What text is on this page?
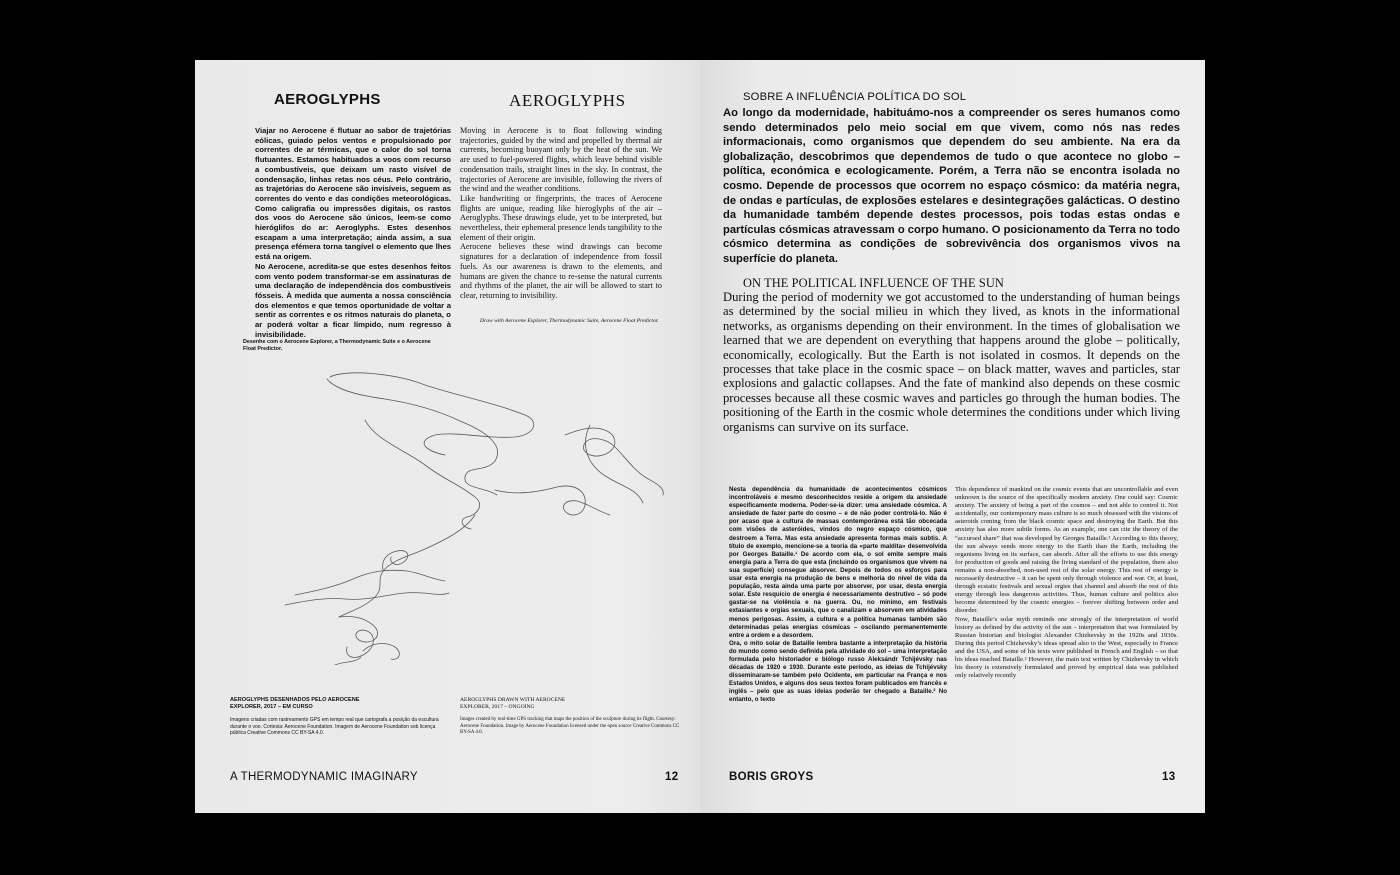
AEROGLYPHS	AEROGLYPHS

Viajar no Aerocene é flutuar ao sabor de trajetórias eólicas, guiado pelos ventos e propulsionado por correntes de ar térmicas, que o calor do sol torna flutuantes. Estamos habituados a voos com recurso a combustíveis, que deixam um rasto visível de condensação, linhas retas nos céus. Pelo contrário, as trajetórias do Aerocene são invisíveis, seguem as correntes do vento e das condições meteorológicas. Como caligrafia ou impressões digitais, os rastos dos voos do Aerocene são únicos, leem-se como hieróglifos do ar: Aeroglyphs. Estes desenhos escapam a uma interpretação; ainda assim, a sua presença efémera torna tangível o elemento que lhes está na origem.

No Aerocene, acredita-se que estes desenhos feitos com vento podem transformar-se em assinaturas de uma declaração de independência dos combustíveis fósseis. À medida que aumenta a nossa consciência dos elementos e que temos oportunidade de voltar a sentir as correntes e os ritmos naturais do planeta, o ar poderá voltar a ficar límpido, num regresso à invisibilidade.

Desenhe com o Aerocene Explorer, a Thermodynamic Suite e o Aerocene Float Predictor.

Moving in Aerocene is to float following winding trajectories, guided by the wind and propelled by thermal air currents, becoming buoyant only by the heat of the sun. We are used to fuel-powered flights, which leave behind visible condensation trails, straight lines in the sky. In contrast, the trajectories of Aerocene are invisible, following the rivers of the wind and the weather conditions.

Like handwriting or fingerprints, the traces of Aerocene flights are unique, reading like hieroglyphs of the air – Aeroglyphs. These drawings elude, yet to be interpreted, but nevertheless, their ephemeral presence lends tangibility to the element of their origin.

Aerocene believes these wind drawings can become signatures for a declaration of independence from fossil fuels. As our awareness is drawn to the elements, and humans are given the chance to re-sense the natural currents and rhythms of the planet, the air will be allowed to start to clear, returning to invisibility.

Draw with Aerocene Explorer, Thermodynamic Suite, Aerocene Float Predictor.
AEROGLYPHS DESENHADOS PELO AEROCENE
EXPLORER, 2017 – EM CURSO
Imagens criadas com rastreamento GPS em tempo real que cartografa a posição da escultura durante o voo. Cortesia: Aerocene Foundation. Imagem de Aerocene Foundation sob licença pública Creative Commons CC BY-SA 4.0.
AEROGLYPHS DRAWN WITH AEROCENE
EXPLORER, 2017 – ONGOING
Images created by real-time GPS tracking that maps the position of the sculpture during its flight. Courtesy: Aerocene Foundation. Image by Aerocene Foundation licensed under the open source Creative Commons CC BY-SA 4.0.
A THERMODYNAMIC IMAGINARY	12
SOBRE A INFLUÊNCIA POLÍTICA DO SOL
Ao longo da modernidade, habituámo-nos a compreender os seres humanos como sendo determinados pelo meio social em que vivem, como nós nas redes informacionais, como organismos que dependem do seu ambiente. Na era da globalização, descobrimos que dependemos de tudo o que acontece no globo – política, económica e ecologicamente. Porém, a Terra não se encontra isolada no cosmo. Depende de processos que ocorrem no espaço cósmico: da matéria negra, de ondas e partículas, de explosões estelares e desintegrações galácticas. O destino da humanidade também depende destes processos, pois todas estas ondas e partículas cósmicas atravessam o corpo humano. O posicionamento da Terra no todo cósmico determina as condições de sobrevivência dos organismos vivos na superfície do planeta.
ON THE POLITICAL INFLUENCE OF THE SUN
During the period of modernity we got accustomed to the understanding of human beings as determined by the social milieu in which they lived, as knots in the informational networks, as organisms depending on their environment. In the times of globalisation we learned that we are dependent on everything that happens around the globe – politically, economically, ecologically. But the Earth is not isolated in cosmos. It depends on the processes that take place in the cosmic space – on black matter, waves and particles, star explosions and galactic collapses. And the fate of mankind also depends on these cosmic processes because all these cosmic waves and particles go through the human bodies. The positioning of the Earth in the cosmic whole determines the conditions under which living organisms can survive on its surface.

Nesta dependência da humanidade de acontecimentos cósmicos incontroláveis e mesmo desconhecidos reside a origem da ansiedade especificamente moderna. Poder-se-ia dizer: uma ansiedade cósmica. A ansiedade de fazer parte do cosmo – e de não poder controlá-lo. Não é por acaso que a cultura de massas contemporânea está tão obcecada com visões de asteróides, vindos do negro espaço cósmico, que destroem a Terra. Mas esta ansiedade apresenta formas mais subtis. A título de exemplo, mencione-se a teoria da «parte maldita» desenvolvida por Georges Bataille.¹ De acordo com ela, o sol emite sempre mais energia para a Terra do que esta (incluindo os organismos que vivem na sua superfície) consegue absorver. Depois de todos os esforços para usar esta energia na produção de bens e melhoria do nível de vida da população, resta ainda uma parte por absorver, por usar, desta energia solar. Este resquício de energia é necessariamente destrutivo – só pode gastar-se na violência e na guerra. Ou, no mínimo, em festivais extasiantes e orgias sexuais, que o canalizam e absorvem em atividades menos perigosas. Assim, a cultura e a política humanas também são determinadas pelas energias cósmicas – oscilando permanentemente entre a ordem e a desordem.

Ora, o mito solar de Bataille lembra bastante a interpretação da história do mundo como sendo definida pela atividade do sol – uma interpretação formulada pelo historiador e biólogo russo Aleksándr Tchijévsky nas décadas de 1920 e 1930. Durante este período, as ideias de Tchijévsky disseminaram-se também pelo Ocidente, em particular na França e nos Estados Unidos, e alguns dos seus textos foram publicados em francês e inglês – pelo que as suas ideias poderão ter chegado a Bataille.² No entanto, o texto

This dependence of mankind on the cosmic events that are uncontrollable and even unknown is the source of the specifically modern anxiety. One could say: Cosmic anxiety. The anxiety of being a part of the cosmos – and not able to control it. Not accidentally, our contemporary mass culture is so much obsessed with the visions of asteroids coming from the black cosmic space and destroying the Earth. But this anxiety has also more subtle forms. As an example, one can cite the theory of the “accursed share” that was developed by Georges Bataille.¹ According to this theory, the sun always sends more energy to the Earth than the Earth, including the organisms living on its surface, can absorb. After all the efforts to use this energy for production of goods and raising the living standard of the population, there also remains a non-absorbed, non-used rest of the solar energy. This rest of energy is necessarily destructive – it can be spent only through violence and war. Or, at least, through ecstatic festivals and sexual orgies that channel and absorb the rest of this energy through less dangerous activities. Thus, human culture and politics also become determined by the cosmic energies – forever shifting between order and disorder.

Now, Bataille’s solar myth reminds one strongly of the interpretation of world history as defined by the activity of the sun – interpretation that was formulated by Russian historian and biologist Alexander Chizhevsky in the 1920s and 1930s. During this period Chizhevsky’s ideas spread also to the West, especially to France and the USA, and some of his texts were published in French and English – so that his ideas reached Bataille.² However, the main text written by Chizhevsky in which his theory is extensively formulated and proved by empirical data was published only relatively recently

BORIS GROYS	13
